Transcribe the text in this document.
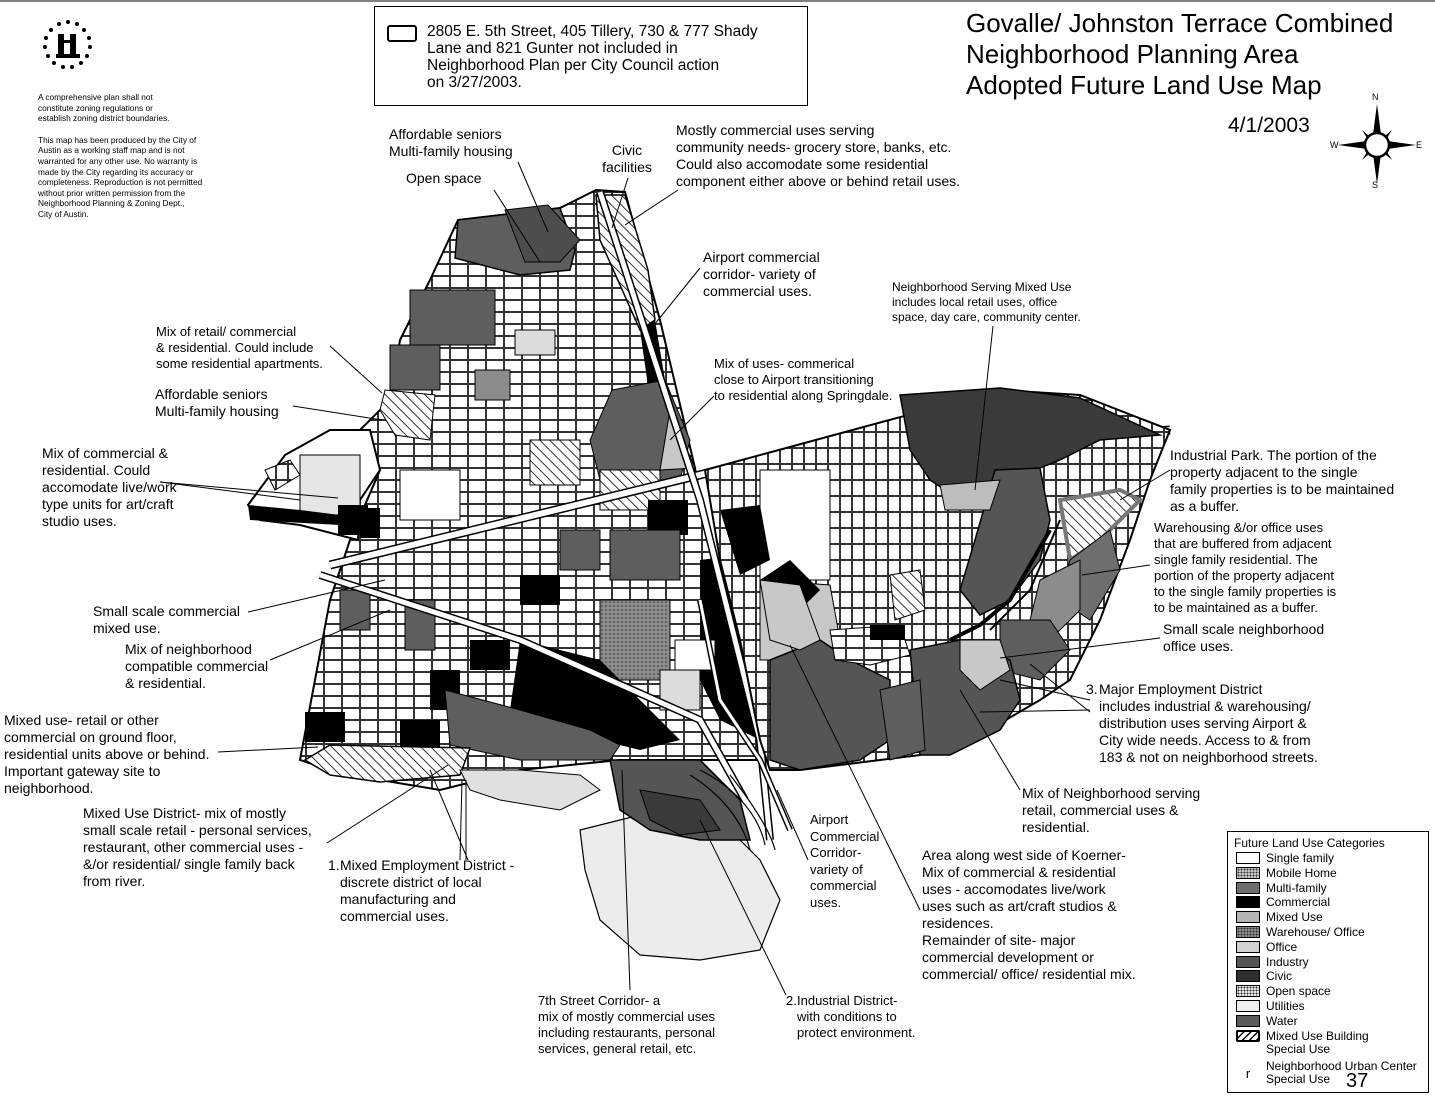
Govalle/ Johnston Terrace Combined
Neighborhood Planning Area
Adopted Future Land Use Map
4/1/2003
N
S
W	E

A comprehensive plan shall not
constitute zoning regulations or
establish zoning district boundaries.

This map has been produced by the City of
Austin as a working staff map and is not
warranted for any other use. No warranty is
made by the City regarding its accuracy or
completeness. Reproduction is not permitted
without prior written permission from the
Neighborhood Planning & Zoning Dept.,
City of Austin.

2805 E. 5th Street, 405 Tillery, 730 & 777 Shady
Lane and 821 Gunter not included in
Neighborhood Plan per City Council action
on 3/27/2003.
Affordable seniors
Multi-family housing
Open space
Civic
facilities
Mostly commercial uses serving
community needs- grocery store, banks, etc.
Could also accomodate some residential
component either above or behind retail uses.
Airport commercial
corridor- variety of
commercial uses.	Neighborhood Serving Mixed Use
includes local retail uses, office
space, day care, community center.
Mix of retail/ commercial
& residential. Could include
some residential apartments.
Affordable seniors
Multi-family housing
Mix of uses- commerical
close to Airport transitioning
to residential along Springdale.
Mix of commercial &
residential. Could
accomodate live/work
type units for art/craft
studio uses.
Industrial Park. The portion of the
property adjacent to the single
family properties is to be maintained
as a buffer.
Warehousing &/or office uses
that are buffered from adjacent
single family residential. The
portion of the property adjacent
to the single family properties is
to be maintained as a buffer.
Small scale commercial
mixed use.	Small scale neighborhood
office uses.
Mix of neighborhood
compatible commercial
& residential.	3. Major Employment District
includes industrial & warehousing/
distribution uses serving Airport &
City wide needs. Access to & from
183 & not on neighborhood streets.
Mixed use- retail or other
commercial on ground floor,
residential units above or behind.
Important gateway site to
neighborhood.	Mix of Neighborhood serving
retail, commercial uses &
residential.
Mixed Use District- mix of mostly
small scale retail - personal services,
restaurant, other commercial uses -
&/or residential/ single family back
from river.
1. Mixed Employment District -
discrete district of local
manufacturing and
commercial uses.
Airport
Commercial
Corridor-
variety of
commercial
uses.
Area along west side of Koerner-
Mix of commercial & residential
uses - accomodates live/work
uses such as art/craft studios &
residences.
Remainder of site- major
commercial development or
commercial/ office/ residential mix.
7th Street Corridor- a
mix of mostly commercial uses
including restaurants, personal
services, general retail, etc.
2. Industrial District-
with conditions to
protect environment.
Future Land Use Categories
Single family
Mobile Home
Multi-family
Commercial
Mixed Use
Warehouse/ Office
Office
Industry
Civic
Open space
Utilities
Water
Mixed Use Building
Special Use
r	Neighborhood Urban Center
Special Use 37
